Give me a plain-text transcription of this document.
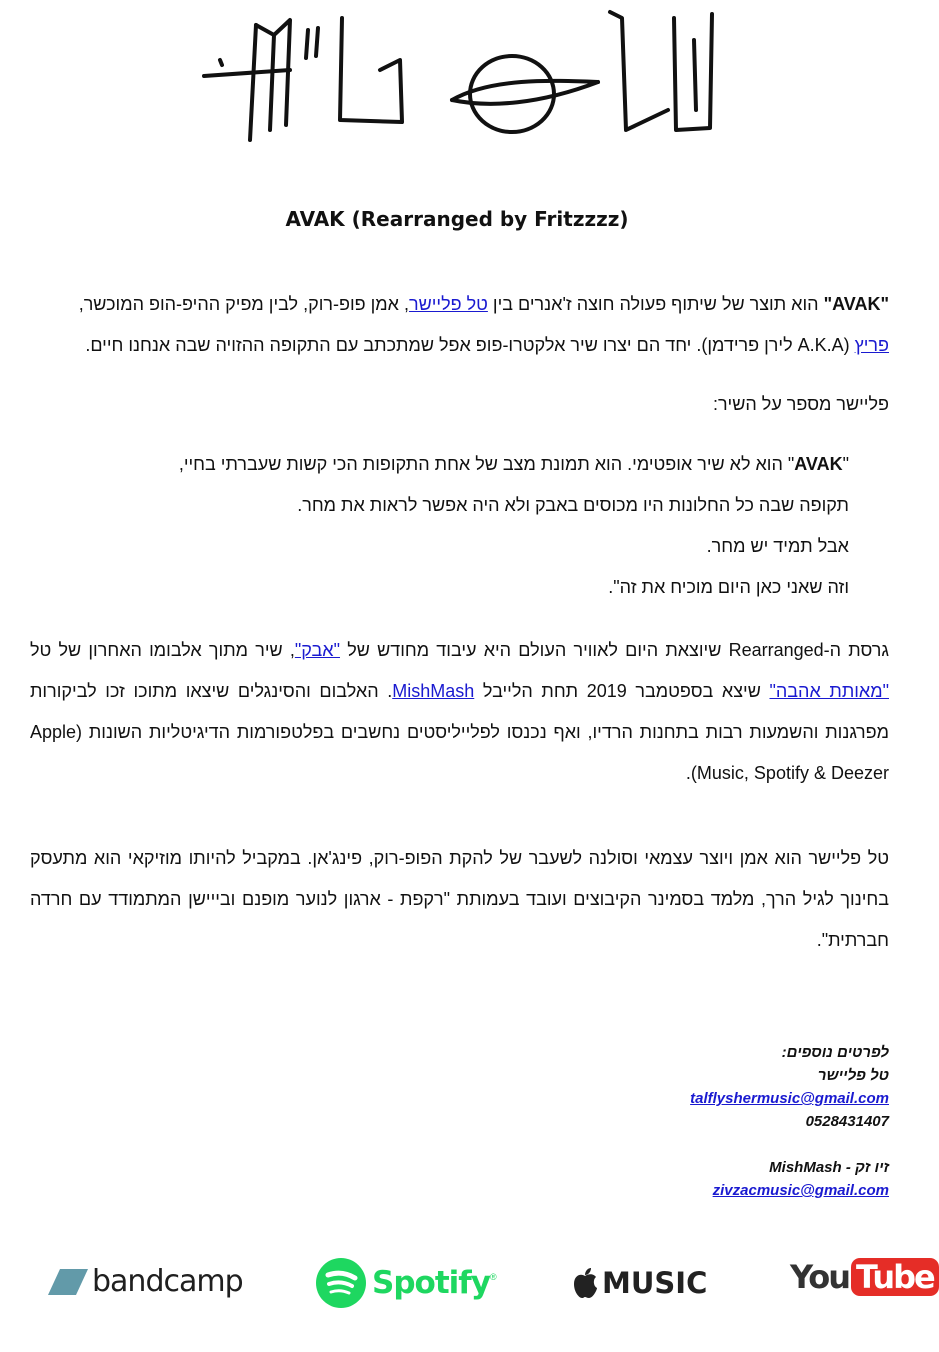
AVAK (Rearranged by Fritzzzz)
"AVAK" הוא תוצר של שיתוף פעולה חוצה ז'אנרים בין טל פליישר, אמן פופ-רוק, לבין מפיק ההיפ-הופ המוכשר,
פריץ (A.K.A לירן פרידמן). יחד הם יצרו שיר אלקטרו-פופ אפל שמתכתב עם התקופה ההזויה שבה אנחנו חיים.
פליישר מספר על השיר:
"AVAK" הוא לא שיר אופטימי. הוא תמונת מצב של אחת התקופות הכי קשות שעברתי בחיי,
תקופה שבה כל החלונות היו מכוסים באבק ולא היה אפשר לראות את מחר.
אבל תמיד יש מחר.
וזה שאני כאן היום מוכיח את זה".
גרסת ה-Rearranged שיוצאת היום לאוויר העולם היא עיבוד מחודש של "אבק", שיר מתוך אלבומו האחרון של טל "מאותת אהבה" שיצא בספטמבר 2019 תחת הלייבל MishMash. האלבום והסינגלים שיצאו מתוכו זכו לביקורות מפרגנות והשמעות רבות בתחנות הרדיו, ואף נכנסו לפלייליסטים נחשבים בפלטפורמות הדיגיטליות השונות (Apple Music, Spotify & Deezer).
טל פליישר הוא אמן ויוצר עצמאי וסולנה לשעבר של להקת הפופ-רוק, פינג'אן. במקביל להיותו מוזיקאי הוא מתעסק בחינוך לגיל הרך, מלמד בסמינר הקיבוצים ועובד בעמותת "רקפת - ארגון לנוער מופנם ובייישן המתמודד עם חרדה חברתית".
לפרטים נוספים:
טל פליישר
talflyshermusic@gmail.com
0528431407
זיו זק - MishMash
zivzacmusic@gmail.com
bandcamp	Spotify ®	MUSIC	You Tube
